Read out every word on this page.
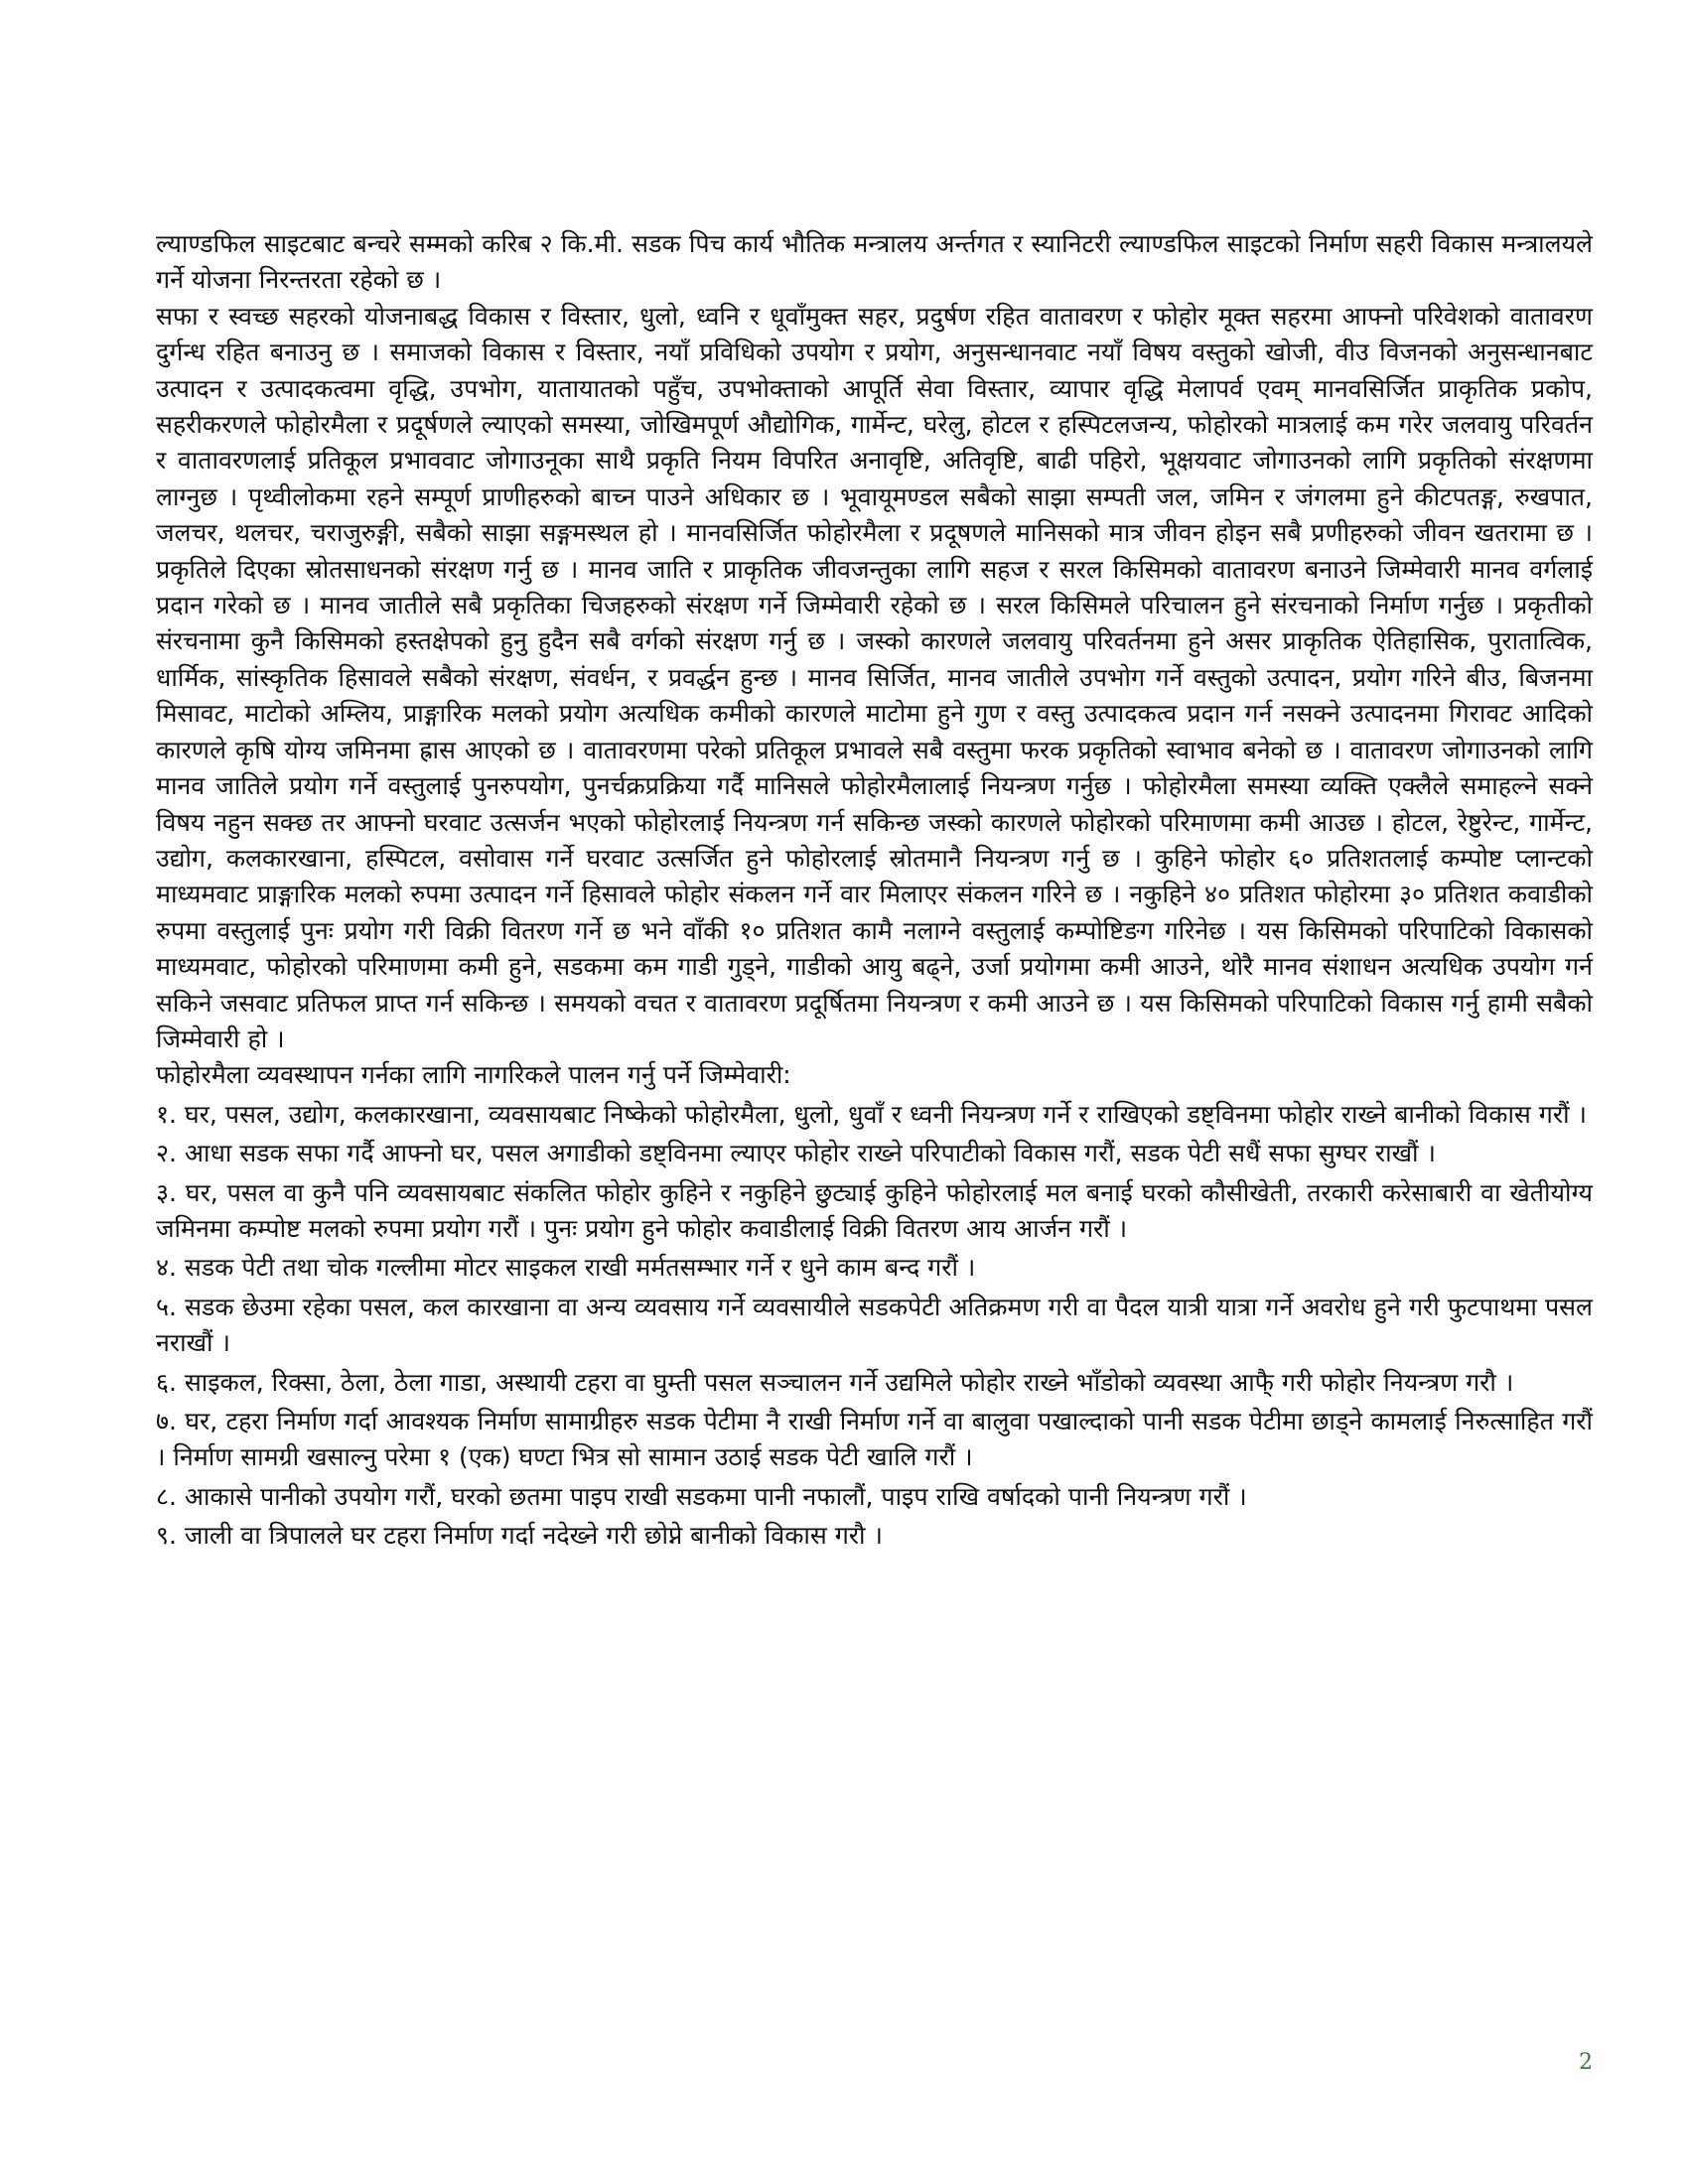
ल्याण्डफिल साइटबाट बन्चरे सम्मको करिब २ कि.मी. सडक पिच कार्य भौतिक मन्त्रालय अर्न्तगत र स्यानिटरी ल्याण्डफिल साइटको निर्माण सहरी विकास मन्त्रालयले गर्ने योजना निरन्तरता रहेको छ ।

सफा र स्वच्छ सहरको योजनाबद्ध विकास र विस्तार, धुलो, ध्वनि र धूवाँमुक्त सहर, प्रदुर्षण रहित वातावरण र फोहोर मूक्त सहरमा आफ्नो परिवेशको वातावरण दुर्गन्ध रहित बनाउनु छ । समाजको विकास र विस्तार, नयाँ प्रविधिको उपयोग र प्रयोग, अनुसन्धानवाट नयाँ विषय वस्तुको खोजी, वीउ विजनको अनुसन्धानबाट उत्पादन र उत्पादकत्वमा वृद्धि, उपभोग, यातायातको पहुँच, उपभोक्ताको आपूर्ति सेवा विस्तार, व्यापार वृद्धि मेलापर्व एवम् मानवसिर्जित प्राकृतिक प्रकोप, सहरीकरणले फोहोरमैला र प्रदूर्षणले ल्याएको समस्या, जोखिमपूर्ण औद्योगिक, गार्मेन्ट, घरेलु, होटल र हस्पिटलजन्य, फोहोरको मात्रलाई कम गरेर जलवायु परिवर्तन र वातावरणलाई प्रतिकूल प्रभाववाट जोगाउनूका साथै प्रकृति नियम विपरित अनावृष्टि, अतिवृष्टि, बाढी पहिरो, भूक्षयवाट जोगाउनको लागि प्रकृतिको संरक्षणमा लाग्नुछ । पृथ्वीलोकमा रहने सम्पूर्ण प्राणीहरुको बाच्न पाउने अधिकार छ । भूवायूमण्डल सबैको साझा सम्पती जल, जमिन र जंगलमा हुने कीटपतङ्ग, रुखपात, जलचर, थलचर, चराजुरुङ्गी, सबैको साझा सङ्गमस्थल हो । मानवसिर्जित फोहोरमैला र प्रदूषणले मानिसको मात्र जीवन होइन सबै प्रणीहरुको जीवन खतरामा छ । प्रकृतिले दिएका स्रोतसाधनको संरक्षण गर्नु छ । मानव जाति र प्राकृतिक जीवजन्तुका लागि सहज र सरल किसिमको वातावरण बनाउने जिम्मेवारी मानव वर्गलाई प्रदान गरेको छ । मानव जातीले सबै प्रकृतिका चिजहरुको संरक्षण गर्ने जिम्मेवारी रहेको छ । सरल किसिमले परिचालन हुने संरचनाको निर्माण गर्नुछ । प्रकृतीको संरचनामा कुनै किसिमको हस्तक्षेपको हुनु हुदैन सबै वर्गको संरक्षण गर्नु छ । जस्को कारणले जलवायु परिवर्तनमा हुने असर प्राकृतिक ऐतिहासिक, पुरातात्विक, धार्मिक, सांस्कृतिक हिसावले सबैको संरक्षण, संवर्धन, र प्रवर्द्धन हुन्छ । मानव सिर्जित, मानव जातीले उपभोग गर्ने वस्तुको उत्पादन, प्रयोग गरिने बीउ, बिजनमा मिसावट, माटोको अम्लिय, प्राङ्गारिक मलको प्रयोग अत्यधिक कमीको कारणले माटोमा हुने गुण र वस्तु उत्पादकत्व प्रदान गर्न नसक्ने उत्पादनमा गिरावट आदिको कारणले कृषि योग्य जमिनमा ह्रास आएको छ । वातावरणमा परेको प्रतिकूल प्रभावले सबै वस्तुमा फरक प्रकृतिको स्वाभाव बनेको छ । वातावरण जोगाउनको लागि मानव जातिले प्रयोग गर्ने वस्तुलाई पुनरुपयोग, पुनर्चक्रप्रक्रिया गर्दै मानिसले फोहोरमैलालाई नियन्त्रण गर्नुछ । फोहोरमैला समस्या व्यक्ति एक्लैले समाहल्ने सक्ने विषय नहुन सक्छ तर आफ्नो घरवाट उत्सर्जन भएको फोहोरलाई नियन्त्रण गर्न सकिन्छ जस्को कारणले फोहोरको परिमाणमा कमी आउछ । होटल, रेष्टुरेन्ट, गार्मेन्ट, उद्योग, कलकारखाना, हस्पिटल, वसोवास गर्ने घरवाट उत्सर्जित हुने फोहोरलाई स्रोतमानै नियन्त्रण गर्नु छ । कुहिने फोहोर ६० प्रतिशतलाई कम्पोष्ट प्लान्टको माध्यमवाट प्राङ्गारिक मलको रुपमा उत्पादन गर्ने हिसावले फोहोर संकलन गर्ने वार मिलाएर संकलन गरिने छ । नकुहिने ४० प्रतिशत फोहोरमा ३० प्रतिशत कवाडीको रुपमा वस्तुलाई पुनः प्रयोग गरी विक्री वितरण गर्ने छ भने वाँकी १० प्रतिशत कामै नलाग्ने वस्तुलाई कम्पोष्टिङग गरिनेछ । यस किसिमको परिपाटिको विकासको माध्यमवाट, फोहोरको परिमाणमा कमी हुने, सडकमा कम गाडी गुड्ने, गाडीको आयु बढ्ने, उर्जा प्रयोगमा कमी आउने, थोरै मानव संशाधन अत्यधिक उपयोग गर्न सकिने जसवाट प्रतिफल प्राप्त गर्न सकिन्छ । समयको वचत र वातावरण प्रदूर्षितमा नियन्त्रण र कमी आउने छ । यस किसिमको परिपाटिको विकास गर्नु हामी सबैको जिम्मेवारी हो ।

फोहोरमैला व्यवस्थापन गर्नका लागि नागरिकले पालन गर्नु पर्ने जिम्मेवारी:

१. घर, पसल, उद्योग, कलकारखाना, व्यवसायबाट निष्केको फोहोरमैला, धुलो, धुवाँ र ध्वनी नियन्त्रण गर्ने र राखिएको डष्ट्विनमा फोहोर राख्ने बानीको विकास गरौं ।

२. आधा सडक सफा गर्दै आफ्नो घर, पसल अगाडीको डष्ट्विनमा ल्याएर फोहोर राख्ने परिपाटीको विकास गरौं, सडक पेटी सधैं सफा सुग्घर राखौं ।

३. घर, पसल वा कुनै पनि व्यवसायबाट संकलित फोहोर कुहिने र नकुहिने छुट्याई कुहिने फोहोरलाई मल बनाई घरको कौसीखेती, तरकारी करेसाबारी वा खेतीयोग्य जमिनमा कम्पोष्ट मलको रुपमा प्रयोग गरौं । पुनः प्रयोग हुने फोहोर कवाडीलाई विक्री वितरण आय आर्जन गरौं ।

४. सडक पेटी तथा चोक गल्लीमा मोटर साइकल राखी मर्मतसम्भार गर्ने र धुने काम बन्द गरौं ।

५. सडक छेउमा रहेका पसल, कल कारखाना वा अन्य व्यवसाय गर्ने व्यवसायीले सडकपेटी अतिक्रमण गरी वा पैदल यात्री यात्रा गर्ने अवरोध हुने गरी फुटपाथमा पसल नराखौं ।

६. साइकल, रिक्सा, ठेला, ठेला गाडा, अस्थायी टहरा वा घुम्ती पसल सञ्चालन गर्ने उद्यमिले फोहोर राख्ने भाँडोको व्यवस्था आफै् गरी फोहोर नियन्त्रण गरौ ।

७. घर, टहरा निर्माण गर्दा आवश्यक निर्माण सामाग्रीहरु सडक पेटीमा नै राखी निर्माण गर्ने वा बालुवा पखाल्दाको पानी सडक पेटीमा छाड्ने कामलाई निरुत्साहित गरौं । निर्माण सामग्री खसाल्नु परेमा १ (एक) घण्टा भित्र सो सामान उठाई सडक पेटी खालि गरौं ।

८. आकासे पानीको उपयोग गरौं, घरको छतमा पाइप राखी सडकमा पानी नफालौं, पाइप राखि वर्षादको पानी नियन्त्रण गरौं ।

९. जाली वा त्रिपालले घर टहरा निर्माण गर्दा नदेख्ने गरी छोप्ने बानीको विकास गरौ ।

2
